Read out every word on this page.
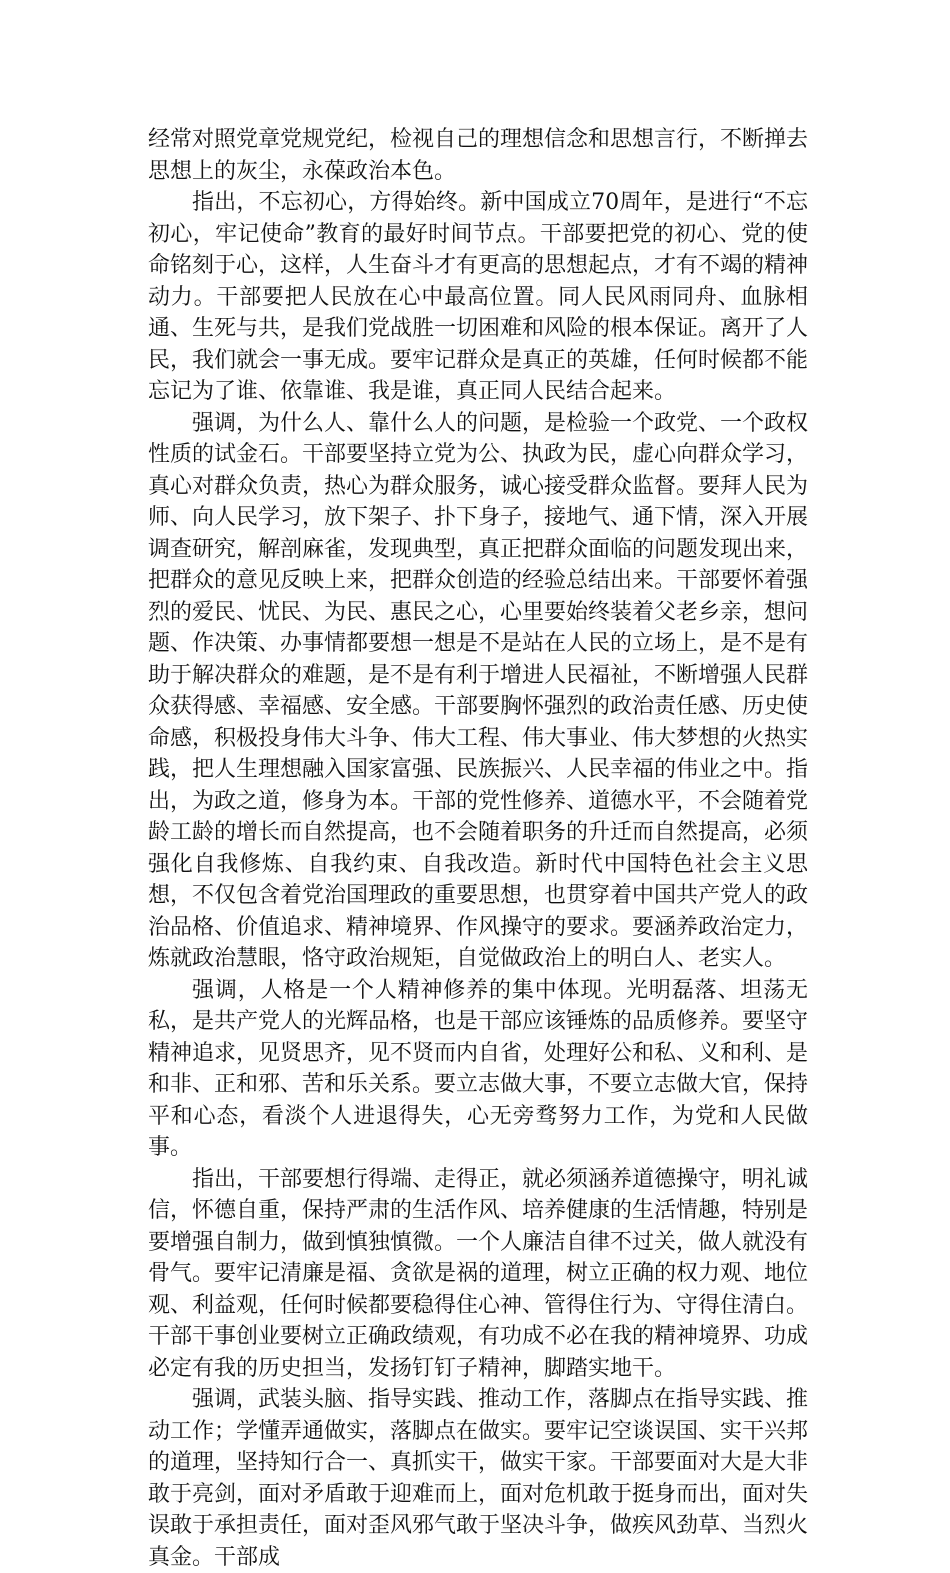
经常对照党章党规党纪，检视自己的理想信念和思想言行，不断掸去思想上的灰尘，永葆政治本色。

指出，不忘初心，方得始终。新中国成立70周年，是进行“不忘初心，牢记使命”教育的最好时间节点。干部要把党的初心、党的使命铭刻于心，这样，人生奋斗才有更高的思想起点，才有不竭的精神动力。干部要把人民放在心中最高位置。同人民风雨同舟、血脉相通、生死与共，是我们党战胜一切困难和风险的根本保证。离开了人民，我们就会一事无成。要牢记群众是真正的英雄，任何时候都不能忘记为了谁、依靠谁、我是谁，真正同人民结合起来。

强调，为什么人、靠什么人的问题，是检验一个政党、一个政权性质的试金石。干部要坚持立党为公、执政为民，虚心向群众学习，真心对群众负责，热心为群众服务，诚心接受群众监督。要拜人民为师、向人民学习，放下架子、扑下身子，接地气、通下情，深入开展调查研究，解剖麻雀，发现典型，真正把群众面临的问题发现出来，把群众的意见反映上来，把群众创造的经验总结出来。干部要怀着强烈的爱民、忧民、为民、惠民之心，心里要始终装着父老乡亲，想问题、作决策、办事情都要想一想是不是站在人民的立场上，是不是有助于解决群众的难题，是不是有利于增进人民福祉，不断增强人民群众获得感、幸福感、安全感。干部要胸怀强烈的政治责任感、历史使命感，积极投身伟大斗争、伟大工程、伟大事业、伟大梦想的火热实践，把人生理想融入国家富强、民族振兴、人民幸福的伟业之中。指出，为政之道，修身为本。干部的党性修养、道德水平，不会随着党龄工龄的增长而自然提高，也不会随着职务的升迁而自然提高，必须强化自我修炼、自我约束、自我改造。新时代中国特色社会主义思想，不仅包含着党治国理政的重要思想，也贯穿着中国共产党人的政治品格、价值追求、精神境界、作风操守的要求。要涵养政治定力，炼就政治慧眼，恪守政治规矩，自觉做政治上的明白人、老实人。

强调，人格是一个人精神修养的集中体现。光明磊落、坦荡无私，是共产党人的光辉品格，也是干部应该锤炼的品质修养。要坚守精神追求，见贤思齐，见不贤而内自省，处理好公和私、义和利、是和非、正和邪、苦和乐关系。要立志做大事，不要立志做大官，保持平和心态，看淡个人进退得失，心无旁骛努力工作，为党和人民做事。

指出，干部要想行得端、走得正，就必须涵养道德操守，明礼诚信，怀德自重，保持严肃的生活作风、培养健康的生活情趣，特别是要增强自制力，做到慎独慎微。一个人廉洁自律不过关，做人就没有骨气。要牢记清廉是福、贪欲是祸的道理，树立正确的权力观、地位观、利益观，任何时候都要稳得住心神、管得住行为、守得住清白。干部干事创业要树立正确政绩观，有功成不必在我的精神境界、功成必定有我的历史担当，发扬钉钉子精神，脚踏实地干。

强调，武装头脑、指导实践、推动工作，落脚点在指导实践、推动工作；学懂弄通做实，落脚点在做实。要牢记空谈误国、实干兴邦的道理，坚持知行合一、真抓实干，做实干家。干部要面对大是大非敢于亮剑，面对矛盾敢于迎难而上，面对危机敢于挺身而出，面对失误敢于承担责任，面对歪风邪气敢于坚决斗争，做疾风劲草、当烈火真金。干部成
